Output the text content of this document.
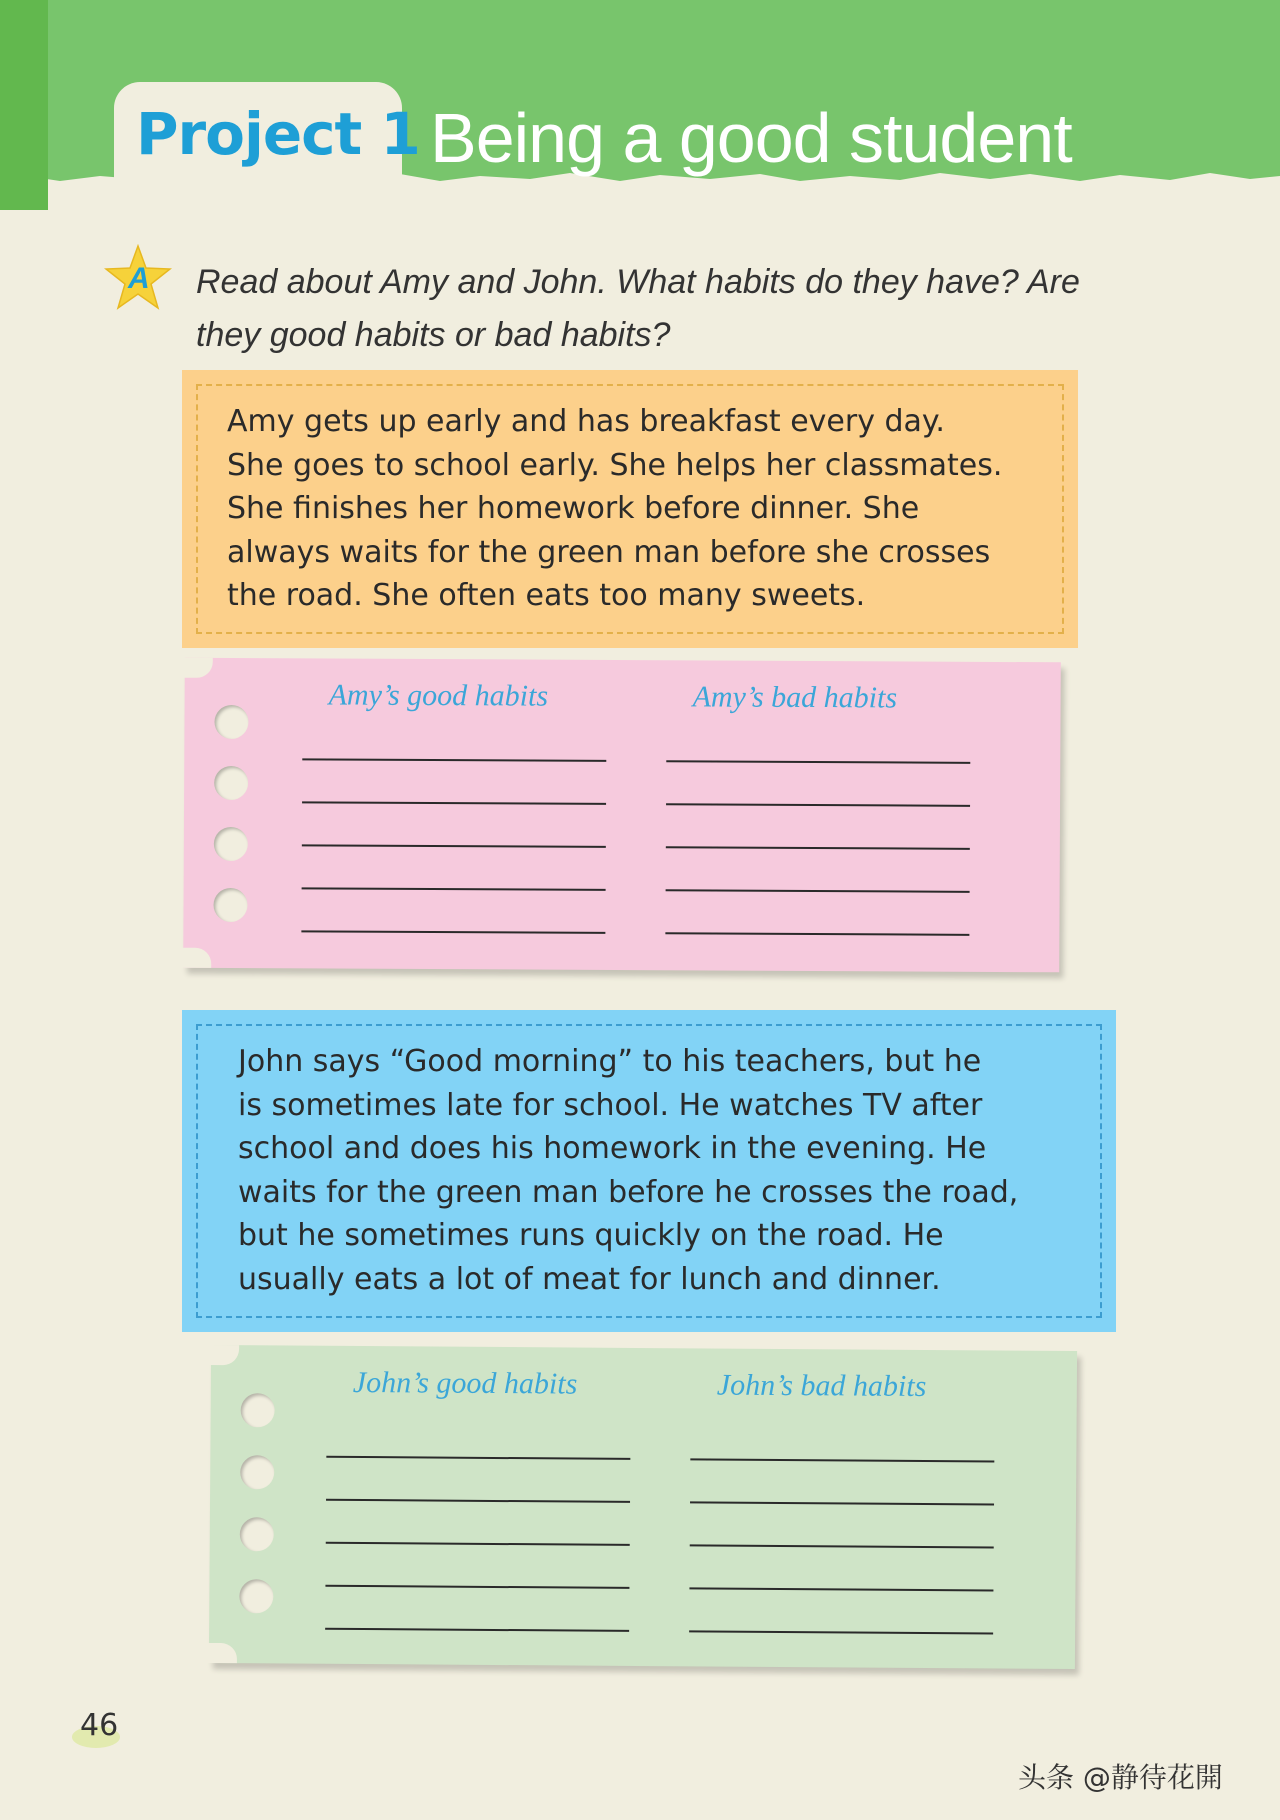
Project 1 Being a good student
A Read about Amy and John. What habits do they have? Are
they good habits or bad habits?
Amy gets up early and has breakfast every day.
She goes to school early. She helps her classmates.
She finishes her homework before dinner. She
always waits for the green man before she crosses
the road. She often eats too many sweets.
Amy’s good habits	Amy’s bad habits
John says “Good morning” to his teachers, but he
is sometimes late for school. He watches TV after
school and does his homework in the evening. He
waits for the green man before he crosses the road,
but he sometimes runs quickly on the road. He
usually eats a lot of meat for lunch and dinner.
John’s good habits	John’s bad habits
46
头条 @静待花開
